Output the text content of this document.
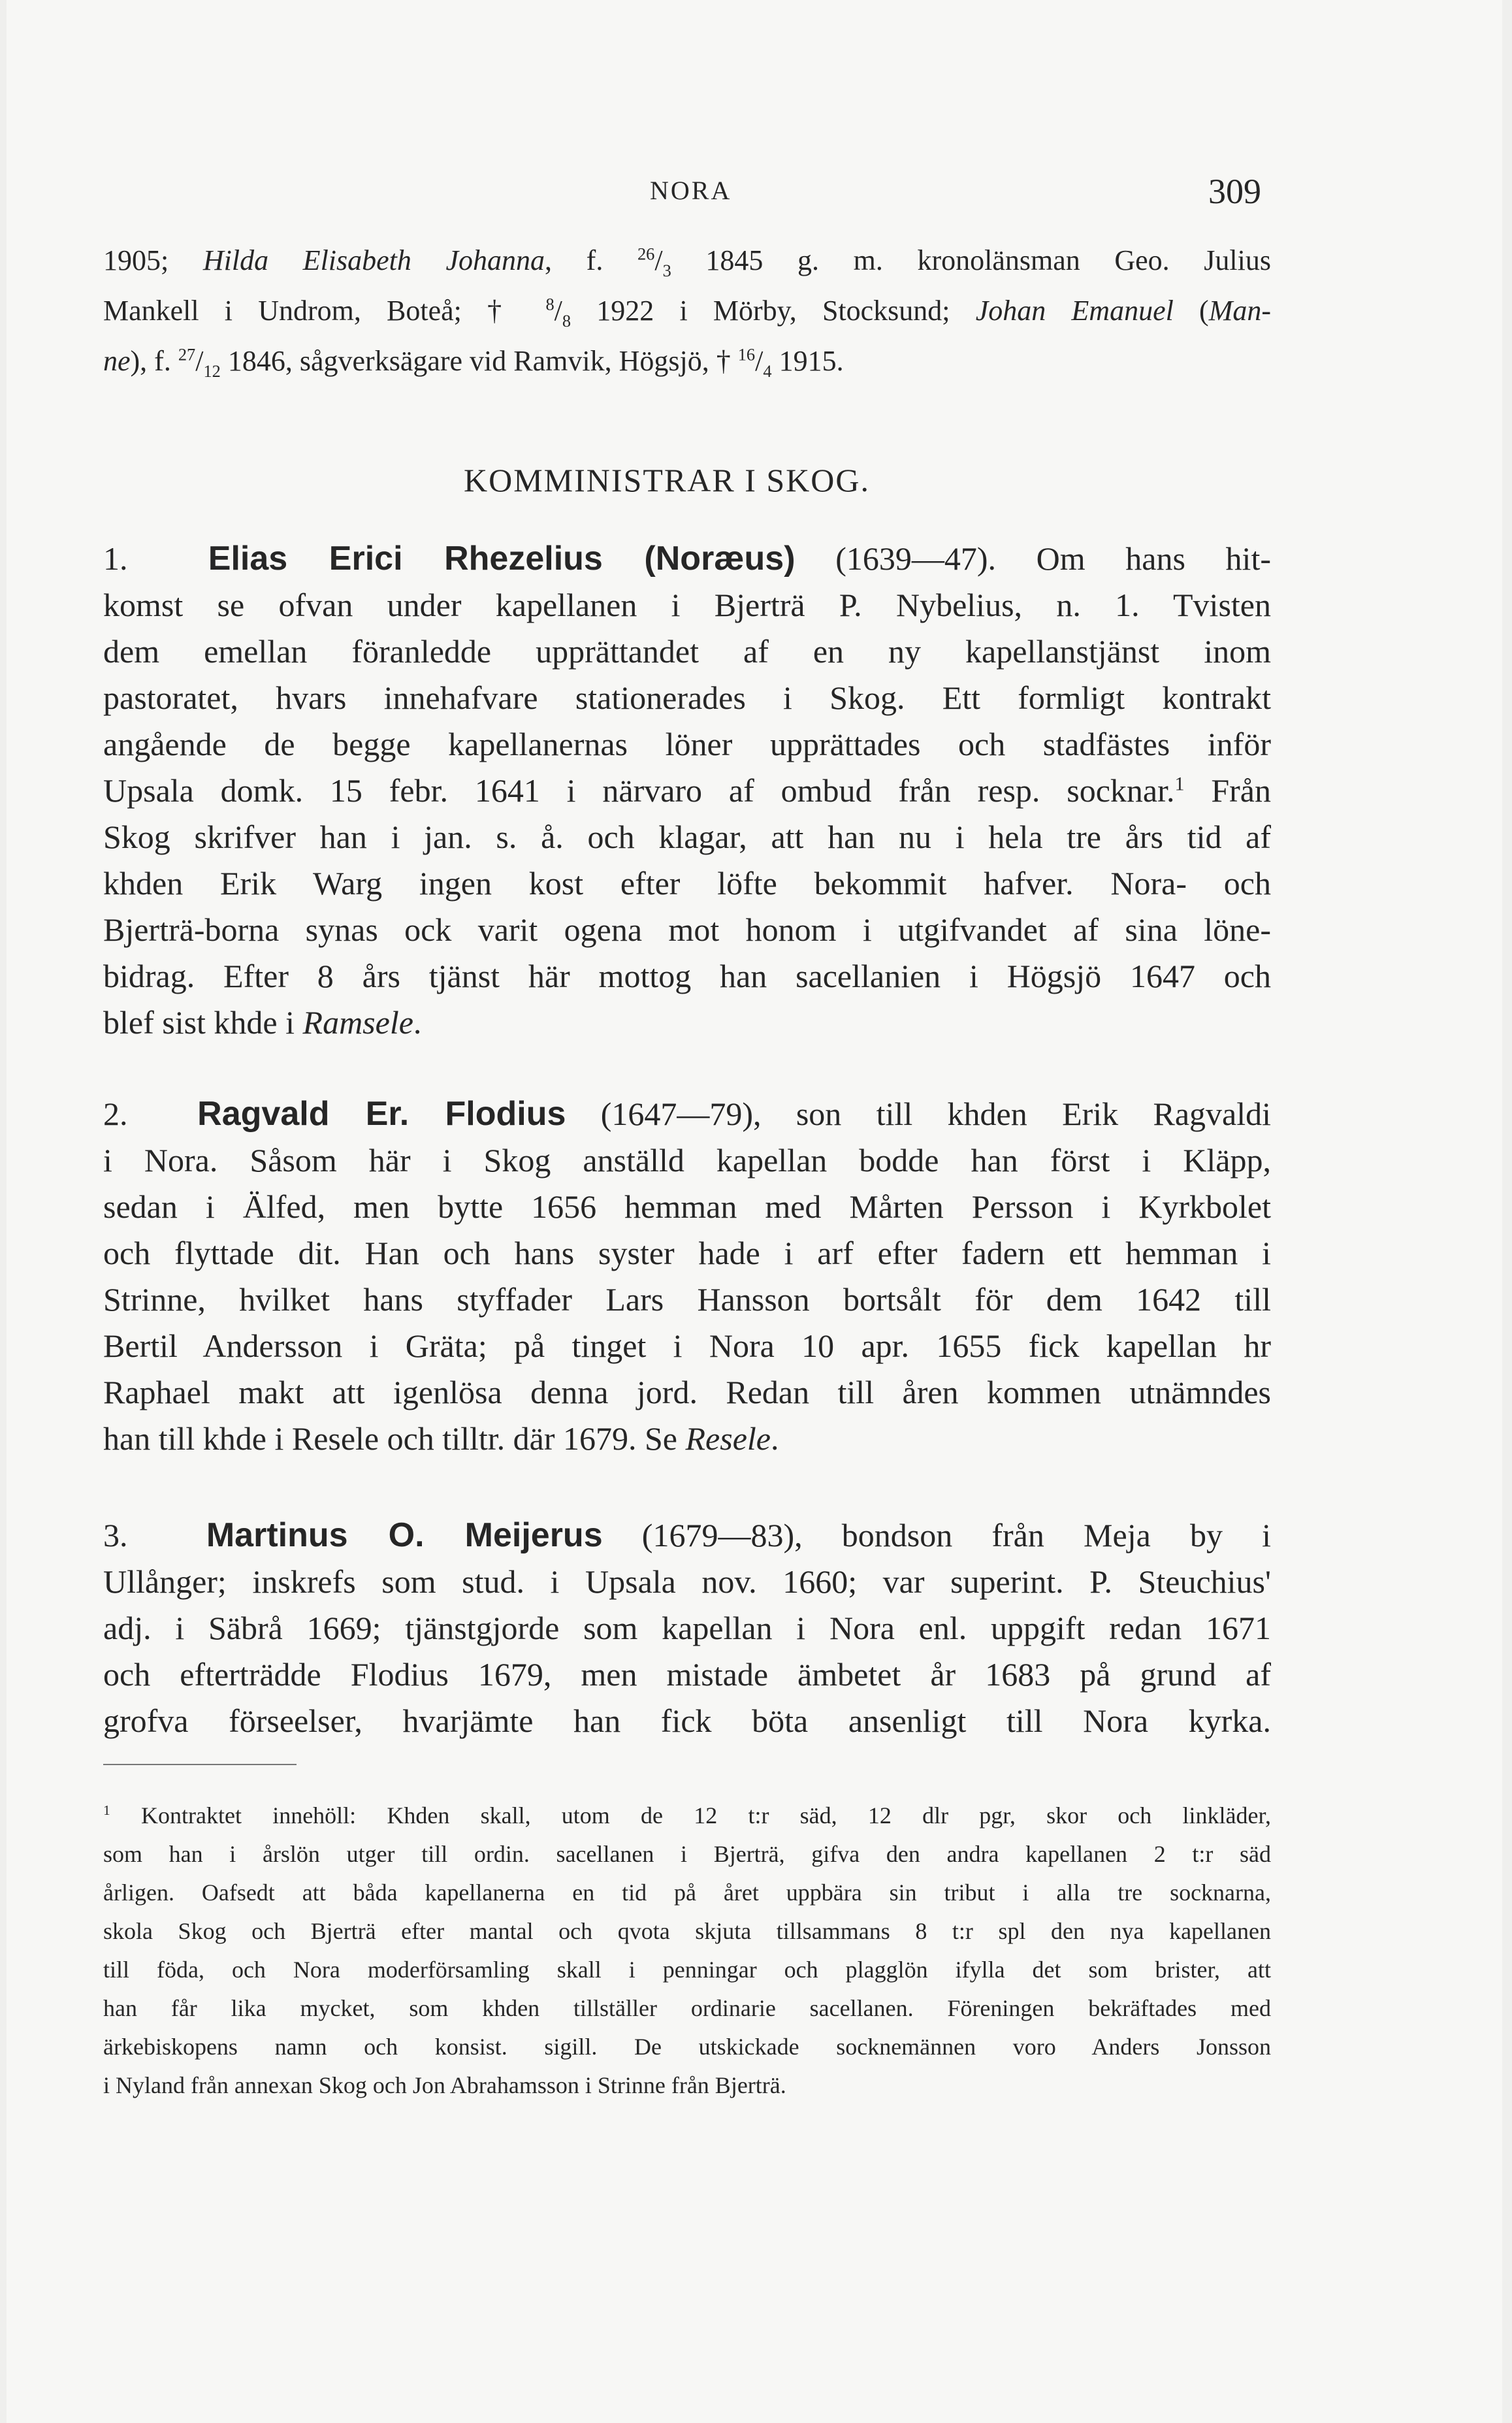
NORA	309
1905; Hilda Elisabeth Johanna, f. $^{26}/_3$ 1845 g. m. kronolänsman Geo. Julius
Mankell i Undrom, Boteå; † $^8/_8$ 1922 i Mörby, Stocksund; Johan Emanuel (Man-
ne), f. $^{27}/_{12}$ 1846, sågverksägare vid Ramvik, Högsjö, † $^{16}/_4$ 1915.
KOMMINISTRAR I SKOG.
1. Elias Erici Rhezelius (Noræus) (1639—47). Om hans hit-
komst se ofvan under kapellanen i Bjerträ P. Nybelius, n. 1. Tvisten
dem emellan föranledde upprättandet af en ny kapellanstjänst inom
pastoratet, hvars innehafvare stationerades i Skog. Ett formligt kontrakt
angående de begge kapellanernas löner upprättades och stadfästes inför
Upsala domk. 15 febr. 1641 i närvaro af ombud från resp. socknar.$^1$ Från
Skog skrifver han i jan. s. å. och klagar, att han nu i hela tre års tid af
khden Erik Warg ingen kost efter löfte bekommit hafver. Nora- och
Bjerträ-borna synas ock varit ogena mot honom i utgifvandet af sina löne-
bidrag. Efter 8 års tjänst här mottog han sacellanien i Högsjö 1647 och
blef sist khde i Ramsele.
2. Ragvald Er. Flodius (1647—79), son till khden Erik Ragvaldi
i Nora. Såsom här i Skog anställd kapellan bodde han först i Kläpp,
sedan i Älfed, men bytte 1656 hemman med Mårten Persson i Kyrkbolet
och flyttade dit. Han och hans syster hade i arf efter fadern ett hemman i
Strinne, hvilket hans styffader Lars Hansson bortsålt för dem 1642 till
Bertil Andersson i Gräta; på tinget i Nora 10 apr. 1655 fick kapellan hr
Raphael makt att igenlösa denna jord. Redan till åren kommen utnämndes
han till khde i Resele och tilltr. där 1679. Se Resele.
3. Martinus O. Meijerus (1679—83), bondson från Meja by i
Ullånger; inskrefs som stud. i Upsala nov. 1660; var superint. P. Steuchius'
adj. i Säbrå 1669; tjänstgjorde som kapellan i Nora enl. uppgift redan 1671
och efterträdde Flodius 1679, men mistade ämbetet år 1683 på grund af
grofva förseelser, hvarjämte han fick böta ansenligt till Nora kyrka.
$^1$ Kontraktet innehöll: Khden skall, utom de 12 t:r säd, 12 dlr pgr, skor och linkläder,
som han i årslön utger till ordin. sacellanen i Bjerträ, gifva den andra kapellanen 2 t:r säd
årligen. Oafsedt att båda kapellanerna en tid på året uppbära sin tribut i alla tre socknarna,
skola Skog och Bjerträ efter mantal och qvota skjuta tillsammans 8 t:r spl den nya kapellanen
till föda, och Nora moderförsamling skall i penningar och plagglön ifylla det som brister, att
han får lika mycket, som khden tillställer ordinarie sacellanen. Föreningen bekräftades med
ärkebiskopens namn och konsist. sigill. De utskickade socknemännen voro Anders Jonsson
i Nyland från annexan Skog och Jon Abrahamsson i Strinne från Bjerträ.
